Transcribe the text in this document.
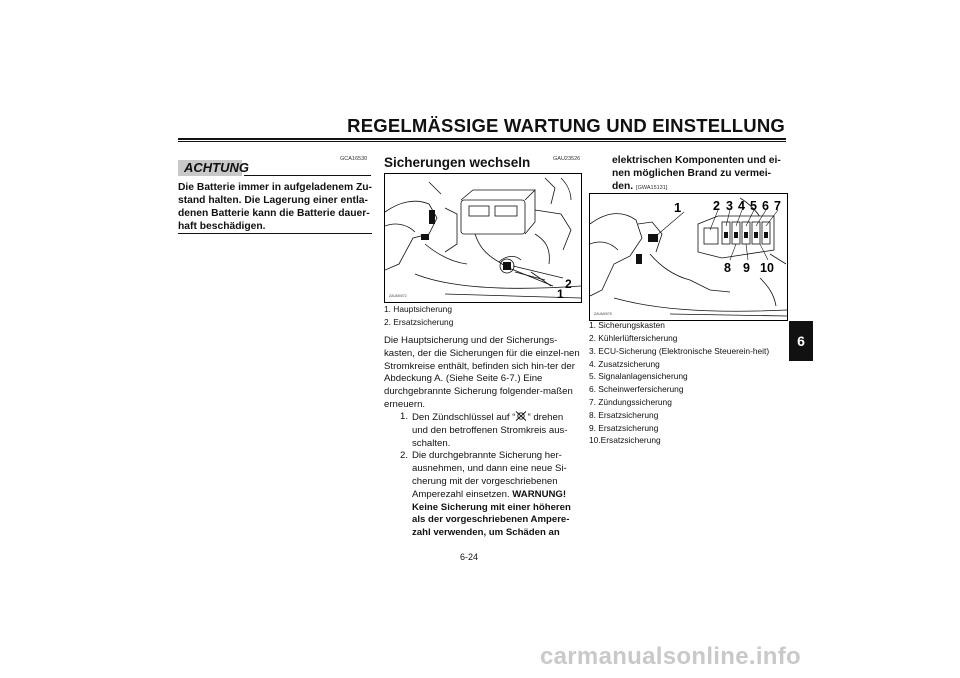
REGELMÄSSIGE WARTUNG UND EINSTELLUNG
GCA16530
ACHTUNG
Die Batterie immer in aufgeladenem Zu-stand halten. Die Lagerung einer entla-denen Batterie kann die Batterie dauer-haft beschädigen.
GAU23526
Sicherungen wechseln
1
2
ZAUM0072
1. Hauptsicherung
2. Ersatzsicherung
Die Hauptsicherung und der Sicherungs-kasten, der die Sicherungen für die einzel-nen Stromkreise enthält, befinden sich hin-ter der Abdeckung A. (Siehe Seite 6-7.) Eine durchgebrannte Sicherung folgender-maßen erneuern.
1. Den Zündschlüssel auf “ ” drehen und den betroffenen Stromkreis aus-schalten.
2. Die durchgebrannte Sicherung her-ausnehmen, und dann eine neue Si-cherung mit der vorgeschriebenen Amperezahl einsetzen. WARNUNG! Keine Sicherung mit einer höheren als der vorgeschriebenen Ampere-zahl verwenden, um Schäden an
elektrischen Komponenten und ei-nen möglichen Brand zu vermei-den. [GWA15131]
1	2 3 4 5 6 7
8 9 10
ZAUM0075
1. Sicherungskasten
2. Kühlerlüftersicherung
3. ECU-Sicherung (Elektronische Steuerein-heit)
4. Zusatzsicherung
5. Signalanlagensicherung
6. Scheinwerfersicherung
7. Zündungssicherung
8. Ersatzsicherung
9. Ersatzsicherung
10.Ersatzsicherung
6-24
6
carmanualsonline.info
